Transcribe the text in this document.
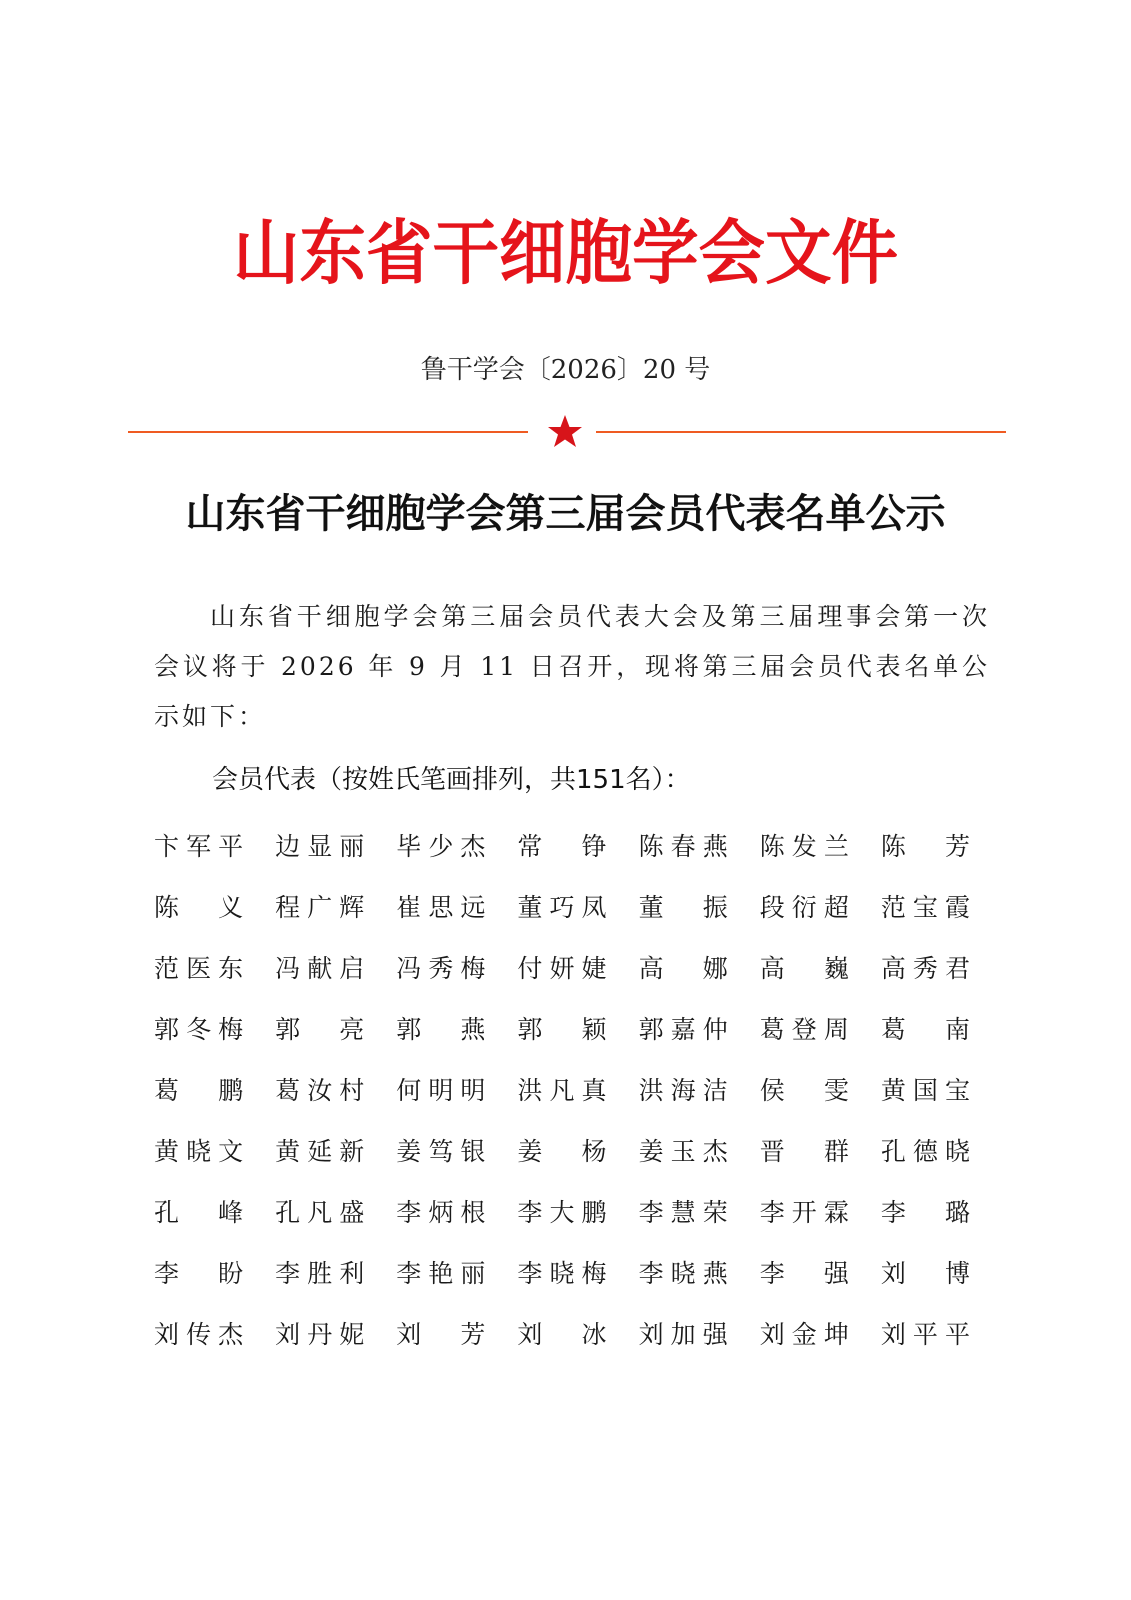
山东省干细胞学会文件
鲁干学会〔2026〕20 号
山东省干细胞学会第三届会员代表名单公示
山东省干细胞学会第三届会员代表大会及第三届理事会第一次会议将于 2026 年 9 月 11 日召开，现将第三届会员代表名单公示如下：
会员代表（按姓氏笔画排列，共151名）：
卞 军 平 边 显 丽 毕 少 杰 常 铮 陈 春 燕 陈 发 兰 陈 芳
陈 义 程 广 辉 崔 思 远 董 巧 凤 董 振 段 衍 超 范 宝 霞
范 医 东 冯 献 启 冯 秀 梅 付 妍 婕 高 娜 高 巍 高 秀 君
郭 冬 梅 郭 亮 郭 燕 郭 颖 郭 嘉 仲 葛 登 周 葛 南
葛 鹏 葛 汝 村 何 明 明 洪 凡 真 洪 海 洁 侯 雯 黄 国 宝
黄 晓 文 黄 延 新 姜 笃 银 姜 杨 姜 玉 杰 晋 群 孔 德 晓
孔 峰 孔 凡 盛 李 炳 根 李 大 鹏 李 慧 荣 李 开 霖 李 璐
李 盼 李 胜 利 李 艳 丽 李 晓 梅 李 晓 燕 李 强 刘 博
刘 传 杰 刘 丹 妮 刘 芳 刘 冰 刘 加 强 刘 金 坤 刘 平 平
